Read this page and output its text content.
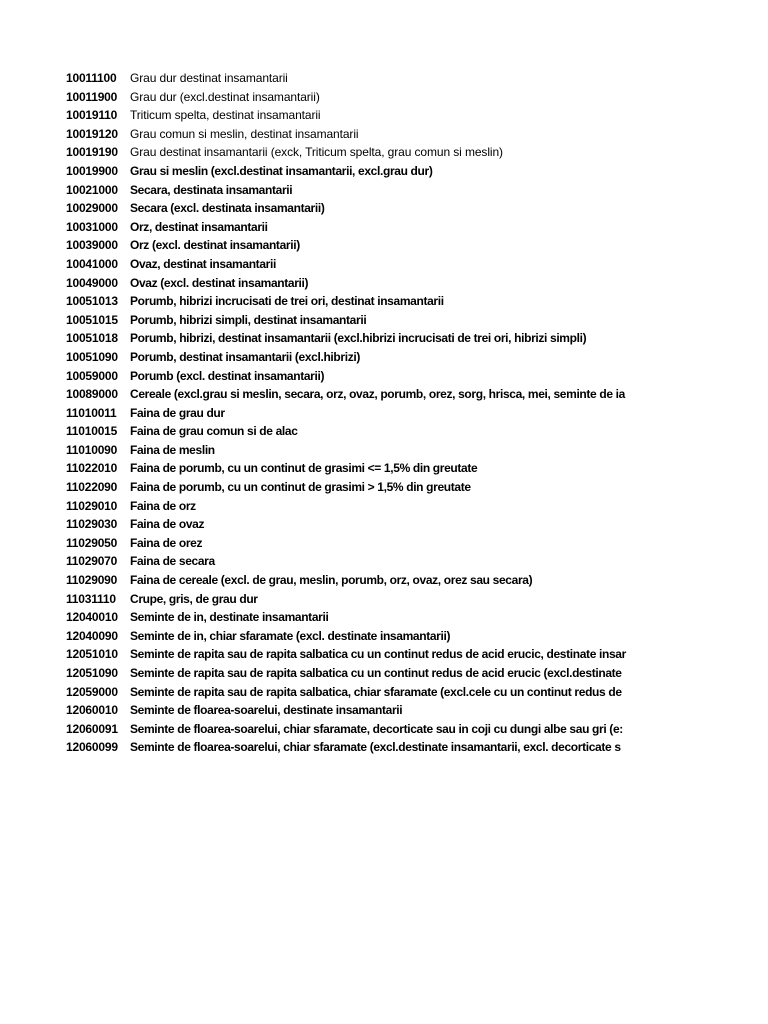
10011100 Grau dur destinat insamantarii
10011900 Grau dur (excl.destinat insamantarii)
10019110 Triticum spelta, destinat insamantarii
10019120 Grau comun si meslin, destinat insamantarii
10019190 Grau destinat insamantarii (exck, Triticum spelta, grau comun si meslin)
10019900 Grau si meslin (excl.destinat insamantarii, excl.grau dur)
10021000 Secara, destinata insamantarii
10029000 Secara (excl. destinata insamantarii)
10031000 Orz, destinat insamantarii
10039000 Orz (excl. destinat insamantarii)
10041000 Ovaz, destinat insamantarii
10049000 Ovaz (excl. destinat insamantarii)
10051013 Porumb, hibrizi incrucisati de trei ori, destinat insamantarii
10051015 Porumb, hibrizi simpli, destinat insamantarii
10051018 Porumb, hibrizi, destinat insamantarii (excl.hibrizi incrucisati de trei ori, hibrizi simpli)
10051090 Porumb, destinat insamantarii (excl.hibrizi)
10059000 Porumb (excl. destinat insamantarii)
10089000 Cereale (excl.grau si meslin, secara, orz, ovaz, porumb, orez, sorg, hrisca, mei, seminte de ia
11010011 Faina de grau dur
11010015 Faina de grau comun si de alac
11010090 Faina de meslin
11022010 Faina de porumb, cu un continut de grasimi <= 1,5% din greutate
11022090 Faina de porumb, cu un continut de grasimi > 1,5% din greutate
11029010 Faina de orz
11029030 Faina de ovaz
11029050 Faina de orez
11029070 Faina de secara
11029090 Faina de cereale (excl. de grau, meslin, porumb, orz, ovaz, orez sau secara)
11031110 Crupe, gris, de grau dur
12040010 Seminte de in, destinate insamantarii
12040090 Seminte de in, chiar sfaramate (excl. destinate insamantarii)
12051010 Seminte de rapita sau de rapita salbatica cu un continut redus de acid erucic, destinate insar
12051090 Seminte de rapita sau de rapita salbatica cu un continut redus de acid erucic (excl.destinate
12059000 Seminte de rapita sau de rapita salbatica, chiar sfaramate (excl.cele cu un continut redus de
12060010 Seminte de floarea-soarelui, destinate insamantarii
12060091 Seminte de floarea-soarelui, chiar sfaramate, decorticate sau in coji cu dungi albe sau gri (e:
12060099 Seminte de floarea-soarelui, chiar sfaramate (excl.destinate insamantarii, excl. decorticate s
